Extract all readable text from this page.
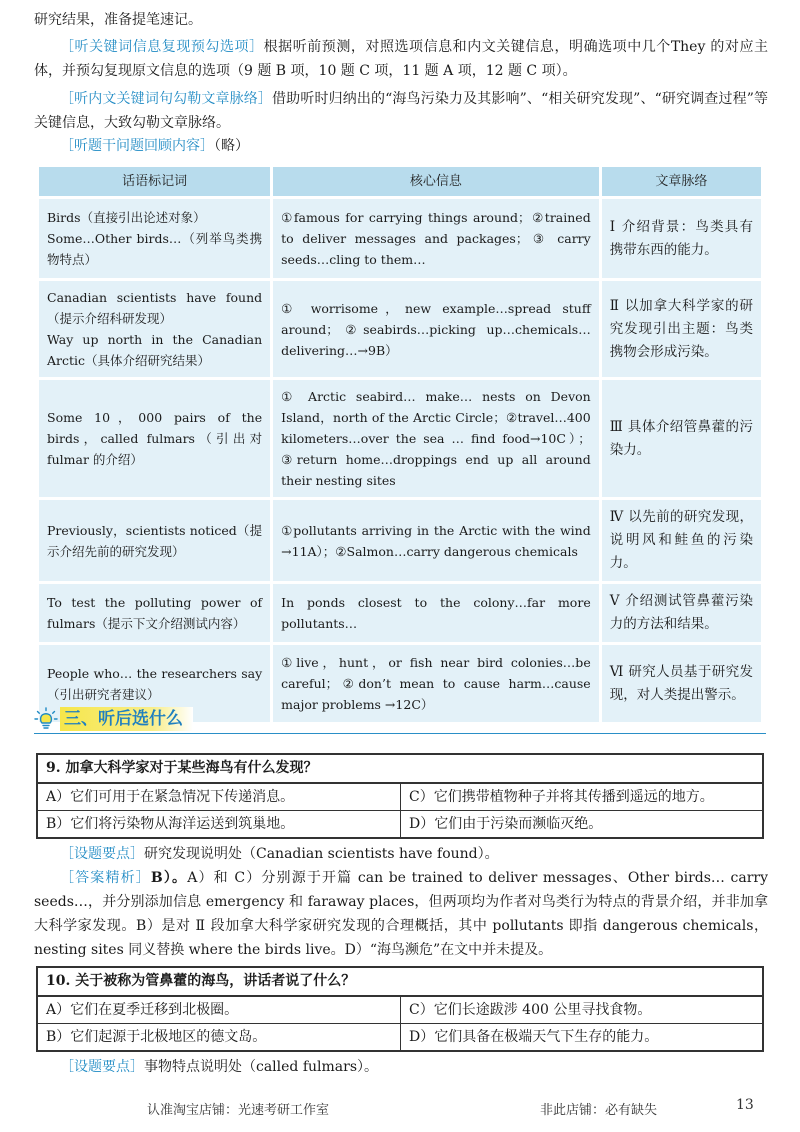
研究结果，准备提笔速记。
［听关键词信息复现预勾选项］根据听前预测，对照选项信息和内文关键信息，明确选项中几个They 的对应主体，并预勾复现原文信息的选项（9 题 B 项，10 题 C 项，11 题 A 项，12 题 C 项）。
［听内文关键词句勾勒文章脉络］借助听时归纳出的“海鸟污染力及其影响”、“相关研究发现”、“研究调查过程”等关键信息，大致勾勒文章脉络。
［听题干问题回顾内容］（略）
话语标记词	核心信息	文章脉络
Birds（直接引出论述对象）
Some…Other birds…（列举鸟类携物特点）	①famous for carrying things around；②trained to deliver messages and packages；③ carry seeds…cling to them…	Ⅰ 介绍背景：鸟类具有携带东西的能力。
Canadian scientists have found（提示介绍科研发现）
Way up north in the Canadian Arctic（具体介绍研究结果）	① worrisome，new example…spread stuff around；②seabirds…picking up…chemicals… delivering…→9B）	Ⅱ 以加拿大科学家的研究发现引出主题：鸟类携物会形成污染。
Some 10，000 pairs of the birds，called fulmars（引出对 fulmar 的介绍）	① Arctic seabird… make… nests on Devon Island，north of the Arctic Circle；②travel…400 kilometers…over the sea … find food→10C）；③return home…droppings end up all around their nesting sites	Ⅲ 具体介绍管鼻藿的污染力。
Previously，scientists noticed（提示介绍先前的研究发现）	①pollutants arriving in the Arctic with the wind →11A）；②Salmon…carry dangerous chemicals	Ⅳ 以先前的研究发现，说明风和鲑鱼的污染力。
To test the polluting power of fulmars（提示下文介绍测试内容）	In ponds closest to the colony…far more pollutants…	Ⅴ 介绍测试管鼻藿污染力的方法和结果。
People who… the researchers say（引出研究者建议）	①live，hunt，or fish near bird colonies…be careful；②don’t mean to cause harm…cause major problems →12C）	Ⅵ 研究人员基于研究发现，对人类提出警示。
三、听后选什么
9. 加拿大科学家对于某些海鸟有什么发现？
A）它们可用于在紧急情况下传递消息。	C）它们携带植物种子并将其传播到遥远的地方。
B）它们将污染物从海洋运送到筑巢地。	D）它们由于污染而濒临灭绝。
［设题要点］研究发现说明处（Canadian scientists have found）。
［答案精析］B）。A）和 C）分别源于开篇 can be trained to deliver messages、Other birds… carry seeds…，并分别添加信息 emergency 和 faraway places，但两项均为作者对鸟类行为特点的背景介绍，并非加拿大科学家发现。B）是对 Ⅱ 段加拿大科学家研究发现的合理概括，其中 pollutants 即指 dangerous chemicals，nesting sites 同义替换 where the birds live。D）“海鸟濒危”在文中并未提及。
10. 关于被称为管鼻藿的海鸟，讲话者说了什么？
A）它们在夏季迁移到北极圈。	C）它们长途跋涉 400 公里寻找食物。
B）它们起源于北极地区的德文岛。	D）它们具备在极端天气下生存的能力。
［设题要点］事物特点说明处（called fulmars）。
认准淘宝店铺：光速考研工作室	非此店铺：必有缺失	13
